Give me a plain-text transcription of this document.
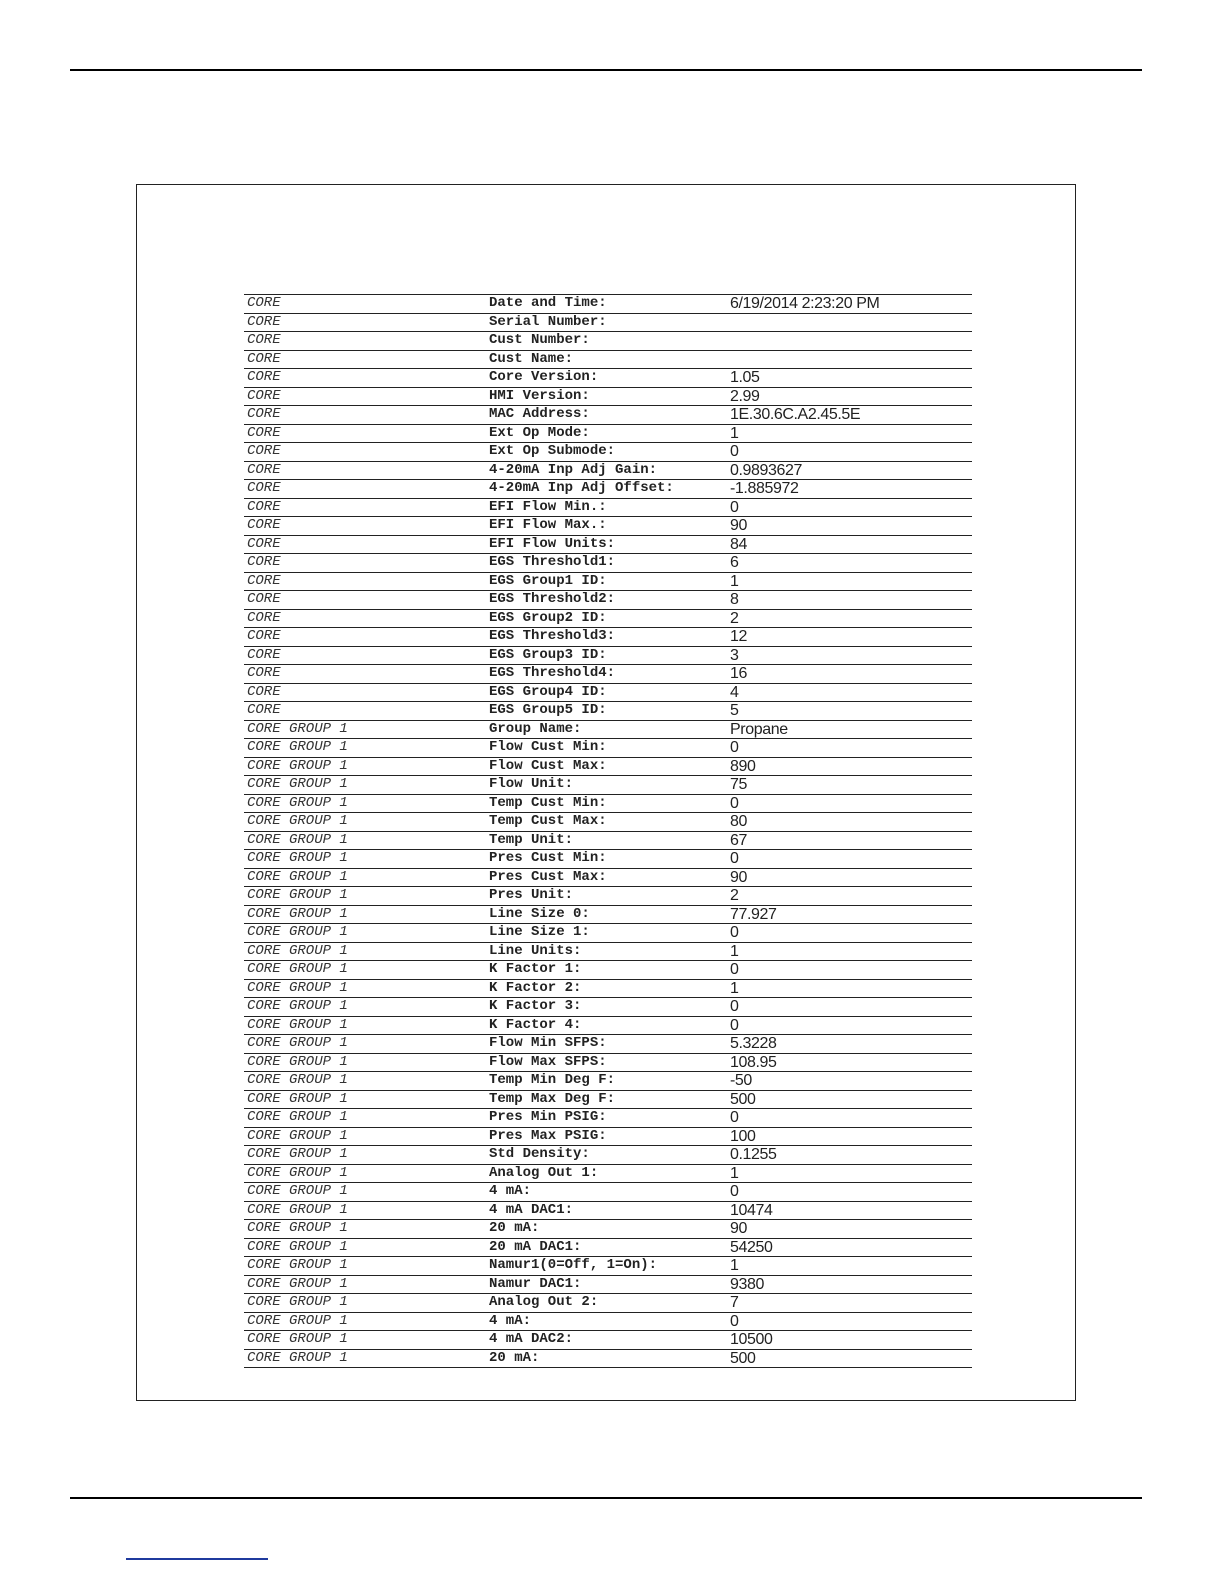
CORE	Date and Time:	6/19/2014 2:23:20 PM
CORE	Serial Number:
CORE	Cust Number:
CORE	Cust Name:
CORE	Core Version:	1.05
CORE	HMI Version:	2.99
CORE	MAC Address:	1E.30.6C.A2.45.5E
CORE	Ext Op Mode:	1
CORE	Ext Op Submode:	0
CORE	4-20mA Inp Adj Gain:	0.9893627
CORE	4-20mA Inp Adj Offset:	-1.885972
CORE	EFI Flow Min.:	0
CORE	EFI Flow Max.:	90
CORE	EFI Flow Units:	84
CORE	EGS Threshold1:	6
CORE	EGS Group1 ID:	1
CORE	EGS Threshold2:	8
CORE	EGS Group2 ID:	2
CORE	EGS Threshold3:	12
CORE	EGS Group3 ID:	3
CORE	EGS Threshold4:	16
CORE	EGS Group4 ID:	4
CORE	EGS Group5 ID:	5
CORE GROUP 1	Group Name:	Propane
CORE GROUP 1	Flow Cust Min:	0
CORE GROUP 1	Flow Cust Max:	890
CORE GROUP 1	Flow Unit:	75
CORE GROUP 1	Temp Cust Min:	0
CORE GROUP 1	Temp Cust Max:	80
CORE GROUP 1	Temp Unit:	67
CORE GROUP 1	Pres Cust Min:	0
CORE GROUP 1	Pres Cust Max:	90
CORE GROUP 1	Pres Unit:	2
CORE GROUP 1	Line Size 0:	77.927
CORE GROUP 1	Line Size 1:	0
CORE GROUP 1	Line Units:	1
CORE GROUP 1	K Factor 1:	0
CORE GROUP 1	K Factor 2:	1
CORE GROUP 1	K Factor 3:	0
CORE GROUP 1	K Factor 4:	0
CORE GROUP 1	Flow Min SFPS:	5.3228
CORE GROUP 1	Flow Max SFPS:	108.95
CORE GROUP 1	Temp Min Deg F:	-50
CORE GROUP 1	Temp Max Deg F:	500
CORE GROUP 1	Pres Min PSIG:	0
CORE GROUP 1	Pres Max PSIG:	100
CORE GROUP 1	Std Density:	0.1255
CORE GROUP 1	Analog Out 1:	1
CORE GROUP 1	4 mA:	0
CORE GROUP 1	4 mA DAC1:	10474
CORE GROUP 1	20 mA:	90
CORE GROUP 1	20 mA DAC1:	54250
CORE GROUP 1	Namur1(0=Off, 1=On):	1
CORE GROUP 1	Namur DAC1:	9380
CORE GROUP 1	Analog Out 2:	7
CORE GROUP 1	4 mA:	0
CORE GROUP 1	4 mA DAC2:	10500
CORE GROUP 1	20 mA:	500
